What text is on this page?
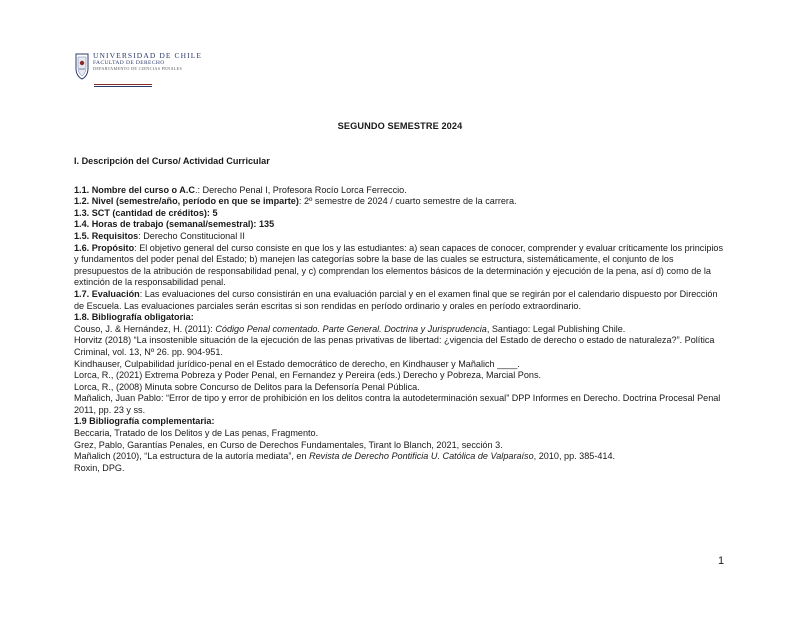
UNIVERSIDAD DE CHILE
FACULTAD DE DERECHO
DEPARTAMENTO DE CIENCIAS PENALES
SEGUNDO SEMESTRE 2024

I. Descripción del Curso/ Actividad Curricular

1.1. Nombre del curso o A.C.: Derecho Penal I, Profesora Rocío Lorca Ferreccio.

1.2. Nivel (semestre/año, período en que se imparte): 2º semestre de 2024 / cuarto semestre de la carrera.

1.3. SCT (cantidad de créditos): 5

1.4. Horas de trabajo (semanal/semestral): 135

1.5. Requisitos: Derecho Constitucional II

1.6. Propósito: El objetivo general del curso consiste en que los y las estudiantes: a) sean capaces de conocer, comprender y evaluar críticamente los principios y fundamentos del poder penal del Estado; b) manejen las categorías sobre la base de las cuales se estructura, sistemáticamente, el conjunto de los presupuestos de la atribución de responsabilidad penal, y c) comprendan los elementos básicos de la determinación y ejecución de la pena, así d) como de la extinción de la responsabilidad penal.

1.7. Evaluación: Las evaluaciones del curso consistirán en una evaluación parcial y en el examen final que se regirán por el calendario dispuesto por Dirección de Escuela. Las evaluaciones parciales serán escritas si son rendidas en período ordinario y orales en período extraordinario.

1.8. Bibliografía obligatoria:

Couso, J. & Hernández, H. (2011): Código Penal comentado. Parte General. Doctrina y Jurisprudencia, Santiago: Legal Publishing Chile.

Horvitz (2018) “La insostenible situación de la ejecución de las penas privativas de libertad: ¿vigencia del Estado de derecho o estado de naturaleza?”. Política Criminal, vol. 13, Nº 26. pp. 904-951.

Kindhauser, Culpabilidad jurídico-penal en el Estado democrático de derecho, en Kindhauser y Mañalich ____.

Lorca, R., (2021) Extrema Pobreza y Poder Penal, en Fernandez y Pereira (eds.) Derecho y Pobreza, Marcial Pons.

Lorca, R., (2008) Minuta sobre Concurso de Delitos para la Defensoría Penal Pública.

Mañalich, Juan Pablo: “Error de tipo y error de prohibición en los delitos contra la autodeterminación sexual” DPP Informes en Derecho. Doctrina Procesal Penal 2011, pp. 23 y ss.

1.9 Bibliografía complementaria:

Beccaria, Tratado de los Delitos y de Las penas, Fragmento.

Grez, Pablo, Garantías Penales, en Curso de Derechos Fundamentales, Tirant lo Blanch, 2021, sección 3.

Mañalich (2010), “La estructura de la autoría mediata”, en Revista de Derecho Pontificia U. Católica de Valparaíso, 2010, pp. 385-414.

Roxin, DPG.

1
